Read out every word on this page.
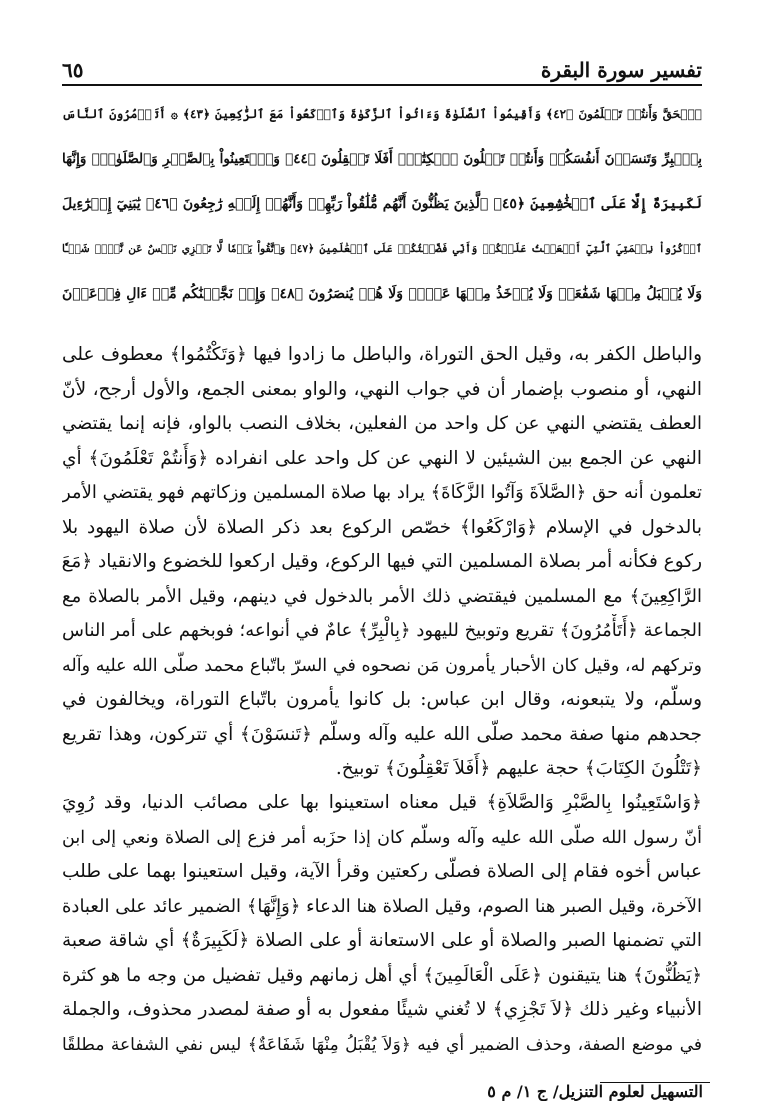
تفسير سورة البقرة
٦٥
ٱلۡحَقَّ وَأَنتُمۡ تَعۡلَمُونَ ﴿٤٢﴾ وَأَقِيمُواْ ٱلصَّلَوٰةَ وَءَاتُواْ ٱلزَّكَوٰةَ وَٱرۡكَعُواْ مَعَ ٱلرَّٰكِعِينَ ﴿٤٣﴾ ۞ أَتَأۡمُرُونَ ٱلنَّاسَ
بِٱلۡبِرِّ وَتَنسَوۡنَ أَنفُسَكُمۡ وَأَنتُمۡ تَتۡلُونَ ٱلۡكِتَٰبَۚ أَفَلَا تَعۡقِلُونَ ﴿٤٤﴾ وَٱسۡتَعِينُواْ بِٱلصَّبۡرِ وَٱلصَّلَوٰةِۚ وَإِنَّهَا
لَكَبِيرَةٌ إِلَّا عَلَى ٱلۡخَٰشِعِينَ ﴿٤٥﴾ ٱلَّذِينَ يَظُنُّونَ أَنَّهُم مُّلَٰقُواْ رَبِّهِمۡ وَأَنَّهُمۡ إِلَيۡهِ رَٰجِعُونَ ﴿٤٦﴾ يَٰبَنِيٓ إِسۡرَٰٓءِيلَ
ٱذۡكُرُواْ نِعۡمَتِيَ ٱلَّتِيٓ أَنۡعَمۡتُ عَلَيۡكُمۡ وَأَنِّي فَضَّلۡتُكُمۡ عَلَى ٱلۡعَٰلَمِينَ ﴿٤٧﴾ وَٱتَّقُواْ يَوۡمٗا لَّا تَجۡزِي نَفۡسٌ عَن نَّفۡسٖ شَيۡـٔٗا
وَلَا يُقۡبَلُ مِنۡهَا شَفَٰعَةٞ وَلَا يُؤۡخَذُ مِنۡهَا عَدۡلٞ وَلَا هُمۡ يُنصَرُونَ ﴿٤٨﴾ وَإِذۡ نَجَّيۡنَٰكُم مِّنۡ ءَالِ فِرۡعَوۡنَ
والباطل الكفر به، وقيل الحق التوراة، والباطل ما زادوا فيها ﴿وَتَكْتُمُوا﴾ معطوف على
النهي، أو منصوب بإضمار أن في جواب النهي، والواو بمعنى الجمع، والأول أرجح، لأنّ
العطف يقتضي النهي عن كل واحد من الفعلين، بخلاف النصب بالواو، فإنه إنما يقتضي
النهي عن الجمع بين الشيئين لا النهي عن كل واحد على انفراده ﴿وَأَنتُمْ تَعْلَمُونَ﴾ أي
تعلمون أنه حق ﴿الصَّلاَةَ وَآتُوا الزَّكَاةَ﴾ يراد بها صلاة المسلمين وزكاتهم فهو يقتضي الأمر
بالدخول في الإسلام ﴿وَارْكَعُوا﴾ خصّص الركوع بعد ذكر الصلاة لأن صلاة اليهود بلا
ركوع فكأنه أمر بصلاة المسلمين التي فيها الركوع، وقيل اركعوا للخضوع والانقياد ﴿مَعَ
الرَّاكِعِينَ﴾ مع المسلمين فيقتضي ذلك الأمر بالدخول في دينهم، وقيل الأمر بالصلاة مع
الجماعة ﴿أَتَأْمُرُونَ﴾ تقريع وتوبيخ لليهود ﴿بِالْبِرِّ﴾ عامٌ في أنواعه؛ فوبخهم على أمر الناس
وتركهم له، وقيل كان الأحبار يأمرون مَن نصحوه في السرّ باتّباع محمد صلّى الله عليه وآله
وسلّم، ولا يتبعونه، وقال ابن عباس: بل كانوا يأمرون باتّباع التوراة، ويخالفون في
جحدهم منها صفة محمد صلّى الله عليه وآله وسلّم ﴿تَنسَوْنَ﴾ أي تتركون، وهذا تقريع
﴿تَتْلُونَ الكِتَابَ﴾ حجة عليهم ﴿أَفَلاَ تَعْقِلُونَ﴾ توبيخ.
﴿وَاسْتَعِينُوا بِالصَّبْرِ وَالصَّلاَةِ﴾ قيل معناه استعينوا بها على مصائب الدنيا، وقد رُوِيَ
أنّ رسول الله صلّى الله عليه وآله وسلّم كان إذا حزَبه أمر فزع إلى الصلاة ونعي إلى ابن
عباس أخوه فقام إلى الصلاة فصلّى ركعتين وقرأ الآية، وقيل استعينوا بهما على طلب
الآخرة، وقيل الصبر هنا الصوم، وقيل الصلاة هنا الدعاء ﴿وَإِنَّهَا﴾ الضمير عائد على العبادة
التي تضمنها الصبر والصلاة أو على الاستعانة أو على الصلاة ﴿لَكَبِيرَةٌ﴾ أي شاقة صعبة
﴿يَظُنُّونَ﴾ هنا يتيقنون ﴿عَلَى الْعَالَمِينَ﴾ أي أهل زمانهم وقيل تفضيل من وجه ما هو كثرة
الأنبياء وغير ذلك ﴿لاَ تَجْزِي﴾ لا تُغني شيئًا مفعول به أو صفة لمصدر محذوف، والجملة
في موضع الصفة، وحذف الضمير أي فيه ﴿وَلاَ يُقْبَلُ مِنْهَا شَفَاعَةٌ﴾ ليس نفي الشفاعة مطلقًا
التسهيل لعلوم التنزيل/ ج ١/ م ٥
